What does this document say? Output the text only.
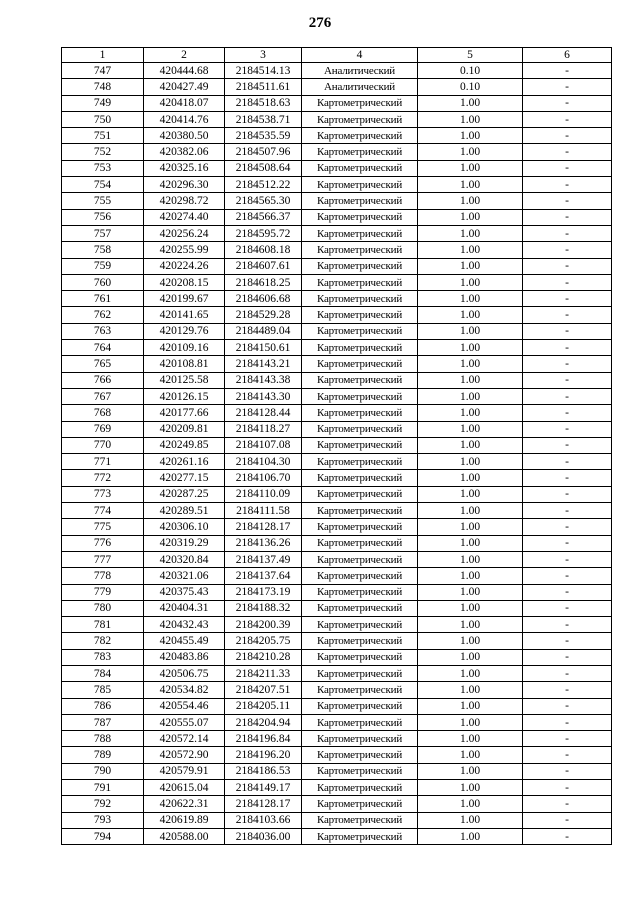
276
1	2	3	4	5	6
747	420444.68	2184514.13	Аналитический	0.10	-
748	420427.49	2184511.61	Аналитический	0.10	-
749	420418.07	2184518.63	Картометрический	1.00	-
750	420414.76	2184538.71	Картометрический	1.00	-
751	420380.50	2184535.59	Картометрический	1.00	-
752	420382.06	2184507.96	Картометрический	1.00	-
753	420325.16	2184508.64	Картометрический	1.00	-
754	420296.30	2184512.22	Картометрический	1.00	-
755	420298.72	2184565.30	Картометрический	1.00	-
756	420274.40	2184566.37	Картометрический	1.00	-
757	420256.24	2184595.72	Картометрический	1.00	-
758	420255.99	2184608.18	Картометрический	1.00	-
759	420224.26	2184607.61	Картометрический	1.00	-
760	420208.15	2184618.25	Картометрический	1.00	-
761	420199.67	2184606.68	Картометрический	1.00	-
762	420141.65	2184529.28	Картометрический	1.00	-
763	420129.76	2184489.04	Картометрический	1.00	-
764	420109.16	2184150.61	Картометрический	1.00	-
765	420108.81	2184143.21	Картометрический	1.00	-
766	420125.58	2184143.38	Картометрический	1.00	-
767	420126.15	2184143.30	Картометрический	1.00	-
768	420177.66	2184128.44	Картометрический	1.00	-
769	420209.81	2184118.27	Картометрический	1.00	-
770	420249.85	2184107.08	Картометрический	1.00	-
771	420261.16	2184104.30	Картометрический	1.00	-
772	420277.15	2184106.70	Картометрический	1.00	-
773	420287.25	2184110.09	Картометрический	1.00	-
774	420289.51	2184111.58	Картометрический	1.00	-
775	420306.10	2184128.17	Картометрический	1.00	-
776	420319.29	2184136.26	Картометрический	1.00	-
777	420320.84	2184137.49	Картометрический	1.00	-
778	420321.06	2184137.64	Картометрический	1.00	-
779	420375.43	2184173.19	Картометрический	1.00	-
780	420404.31	2184188.32	Картометрический	1.00	-
781	420432.43	2184200.39	Картометрический	1.00	-
782	420455.49	2184205.75	Картометрический	1.00	-
783	420483.86	2184210.28	Картометрический	1.00	-
784	420506.75	2184211.33	Картометрический	1.00	-
785	420534.82	2184207.51	Картометрический	1.00	-
786	420554.46	2184205.11	Картометрический	1.00	-
787	420555.07	2184204.94	Картометрический	1.00	-
788	420572.14	2184196.84	Картометрический	1.00	-
789	420572.90	2184196.20	Картометрический	1.00	-
790	420579.91	2184186.53	Картометрический	1.00	-
791	420615.04	2184149.17	Картометрический	1.00	-
792	420622.31	2184128.17	Картометрический	1.00	-
793	420619.89	2184103.66	Картометрический	1.00	-
794	420588.00	2184036.00	Картометрический	1.00	-
